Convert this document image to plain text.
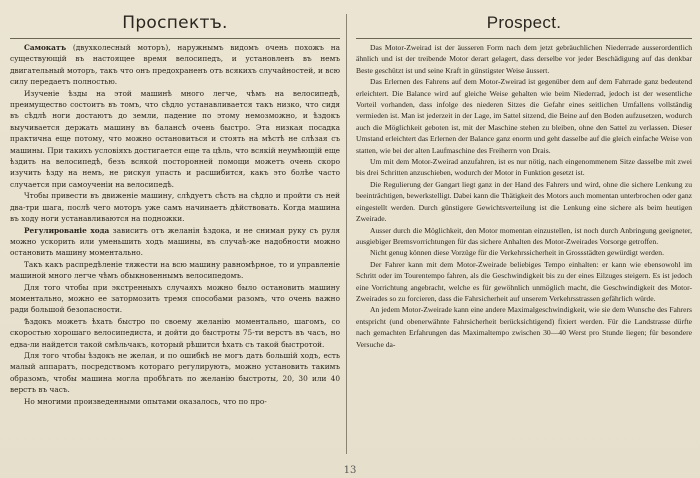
Проспектъ.

Самокатъ (двухколесный моторъ), наружнымъ видомъ очень похожъ на существующій въ настоящее время велосипедъ, и установленъ въ немъ двигательный моторъ, такъ что онъ предохраненъ отъ всякихъ случайностей, и всю силу передаетъ полностью.

Изученіе ѣзды на этой машинѣ много легче, чѣмъ на велосипедѣ, преимущество состоитъ въ томъ, что сѣдло устанавливается такъ низко, что сидя въ сѣдлѣ ноги достаютъ до земли, падение по этому немозможно, и ѣздокъ выучивается держать машину въ балансѣ очень быстро. Эта низкая посадка практична еще потому, что можно остановиться и стоять на мѣстѣ не слѣзая съ машины. При такихъ условіяхъ достигается еще та цѣль, что всякій неумѣющій еще ѣздить на велосипедѣ, безъ всякой посторонней помощи можетъ очень скоро изучить ѣзду на немъ, не рискуя упасть и расшибится, какъ это болѣе часто случается при самоученіи на велосипедѣ.

Чтобы привести въ движеніе машину, слѣдуетъ сѣсть на сѣдло и пройти съ ней два-три шага, послѣ чего моторъ уже самъ начинаетъ дѣйствовать. Когда машина въ ходу ноги устанавливаются на подножки.

Регулированіе хода зависитъ отъ желанія ѣздока, и не снимая руку съ руля можно ускорить или уменьшить ходъ машины, въ случаѣ-же надобности можно остановить машину моментально.

Такъ какъ распредѣленіе тяжести на всю машину равномѣрное, то и управленіе машиной много легче чѣмъ обыкновеннымъ велосипедомъ.

Для того чтобы при экстренныхъ случаяхъ можно было остановить машину моментально, можно ее затормозить тремя способами разомъ, что очень важно ради большой безопасности.

Ѣздокъ можетъ ѣхать быстро по своему желанію моментально, шагомъ, со скоростью хорошаго велосипедиста, и дойти до быстроты 75-ти верстъ въ часъ, но едва-ли найдется такой смѣльчакъ, который рѣшится ѣхать съ такой быстротой.

Для того чтобы ѣздокъ не желая, и по ошибкѣ не могъ дать большій ходъ, есть малый аппаратъ, посредствомъ котораго регулируютъ, можно установить такимъ образомъ, чтобы машина могла пробѣгать по желанію быстроты, 20, 30 или 40 верстъ въ часъ.

Но многими произведенными опытами оказалось, что по про-

Prospect.

Das Motor-Zweirad ist der äusseren Form nach dem jetzt gebräuchlichen Niederrade ausserordentlich ähnlich und ist der treibende Motor derart gelagert, dass derselbe vor jeder Beschädigung auf das denkbar Beste geschützt ist und seine Kraft in günstigster Weise äussert.

Das Erlernen des Fahrens auf dem Motor-Zweirad ist gegenüber dem auf dem Fahrrade ganz bedeutend erleichtert. Die Balance wird auf gleiche Weise gehalten wie beim Niederrad, jedoch ist der wesentliche Vorteil vorhanden, dass infolge des niederen Sitzes die Gefahr eines seitlichen Umfallens vollständig vermieden ist. Man ist jederzeit in der Lage, im Sattel sitzend, die Beine auf den Boden aufzusetzen, wodurch auch die Möglichkeit geboten ist, mit der Maschine stehen zu bleiben, ohne den Sattel zu verlassen. Dieser Umstand erleichtert das Erlernen der Balance ganz enorm und geht dasselbe auf die gleich einfache Weise von statten, wie bei der alten Laufmaschine des Freiherrn von Drais.

Um mit dem Motor-Zweirad anzufahren, ist es nur nötig, nach eingenommenem Sitze dasselbe mit zwei bis drei Schritten anzuschieben, wodurch der Motor in Funktion gesetzt ist.

Die Regulierung der Gangart liegt ganz in der Hand des Fahrers und wird, ohne die sichere Lenkung zu beeinträchtigen, bewerkstelligt. Dabei kann die Thätigkeit des Motors auch momentan unterbrochen oder ganz eingestellt werden. Durch günstigere Gewichtsverteilung ist die Lenkung eine sichere als beim heutigen Zweirade.

Ausser durch die Möglichkeit, den Motor momentan einzustellen, ist noch durch Anbringung geeigneter, ausgiebiger Bremsvorrichtungen für das sichere Anhalten des Motor-Zweirades Vorsorge getroffen.

Nicht genug können diese Vorzüge für die Verkehrssicherheit in Grossstädten gewürdigt werden.

Der Fahrer kann mit dem Motor-Zweirade beliebiges Tempo einhalten: er kann wie ebensowohl im Schritt oder im Tourentempo fahren, als die Geschwindigkeit bis zu der eines Eilzuges steigern. Es ist jedoch eine Vorrichtung angebracht, welche es für gewöhnlich unmöglich macht, die Geschwindigkeit des Motor-Zweirades so zu forcieren, dass die Fahrsicherheit auf unserem Verkehrsstrassen gefährlich würde.

An jedem Motor-Zweirade kann eine andere Maximalgeschwindigkeit, wie sie dem Wunsche des Fahrers entspricht (und obenerwähnte Fahrsicherheit berücksichtigend) fixiert werden. Für die Landstrasse dürfte nach gemachten Erfahrungen das Maximaltempo zwischen 30—40 Werst pro Stunde liegen; für besondere Versuche da-

13
